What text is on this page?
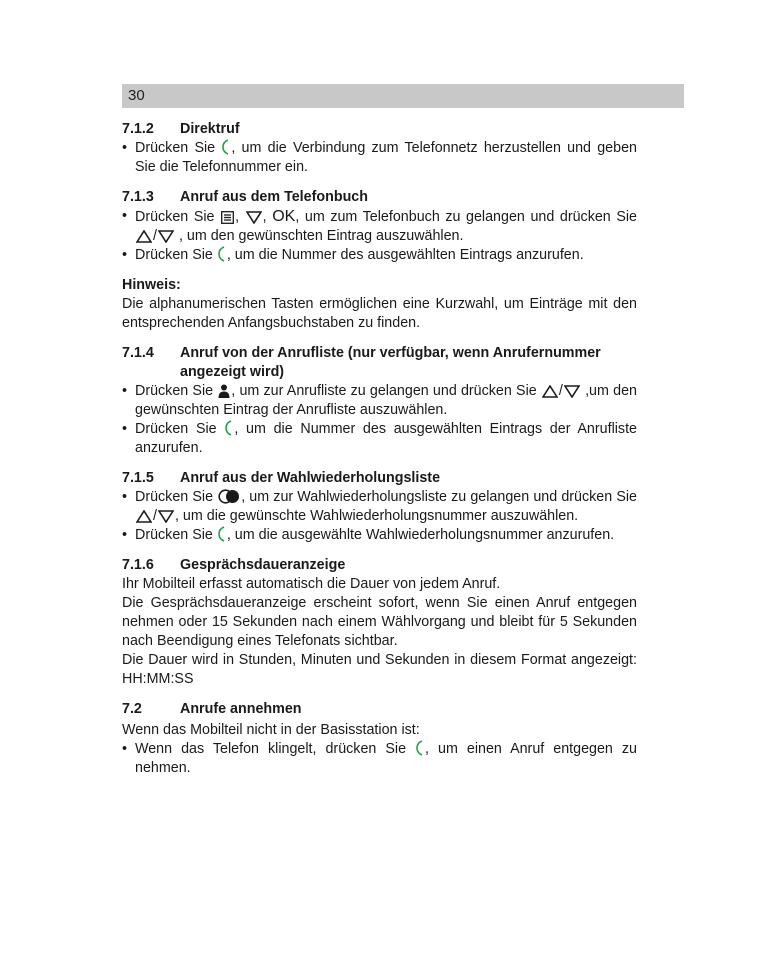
30
7.1.2	Direktruf
• Drücken Sie , um die Verbindung zum Telefonnetz herzustellen und geben Sie die Telefonnummer ein.
7.1.3	Anruf aus dem Telefonbuch
• Drücken Sie , , OK, um zum Telefonbuch zu gelangen und drücken Sie / , um den gewünschten Eintrag auszuwählen.
• Drücken Sie , um die Nummer des ausgewählten Eintrags anzurufen.

Hinweis:

Die alphanumerischen Tasten ermöglichen eine Kurzwahl, um Einträge mit den entsprechenden Anfangsbuchstaben zu finden.

7.1.4	Anruf von der Anrufliste (nur verfügbar, wenn Anrufernummer angezeigt wird)
• Drücken Sie , um zur Anrufliste zu gelangen und drücken Sie / ,um den gewünschten Eintrag der Anrufliste auszuwählen.
• Drücken Sie , um die Nummer des ausgewählten Eintrags der Anrufliste anzurufen.
7.1.5	Anruf aus der Wahlwiederholungsliste
• Drücken Sie , um zur Wahlwiederholungsliste zu gelangen und drücken Sie / , um die gewünschte Wahlwiederholungsnummer auszuwählen.
• Drücken Sie , um die ausgewählte Wahlwiederholungsnummer anzurufen.
7.1.6	Gesprächsdaueranzeige

Ihr Mobilteil erfasst automatisch die Dauer von jedem Anruf.

Die Gesprächsdaueranzeige erscheint sofort, wenn Sie einen Anruf entgegen nehmen oder 15 Sekunden nach einem Wählvorgang und bleibt für 5 Sekunden nach Beendigung eines Telefonats sichtbar.

Die Dauer wird in Stunden, Minuten und Sekunden in diesem Format angezeigt: HH:MM:SS

7.2	Anrufe annehmen

Wenn das Mobilteil nicht in der Basisstation ist:

• Wenn das Telefon klingelt, drücken Sie , um einen Anruf entgegen zu nehmen.
